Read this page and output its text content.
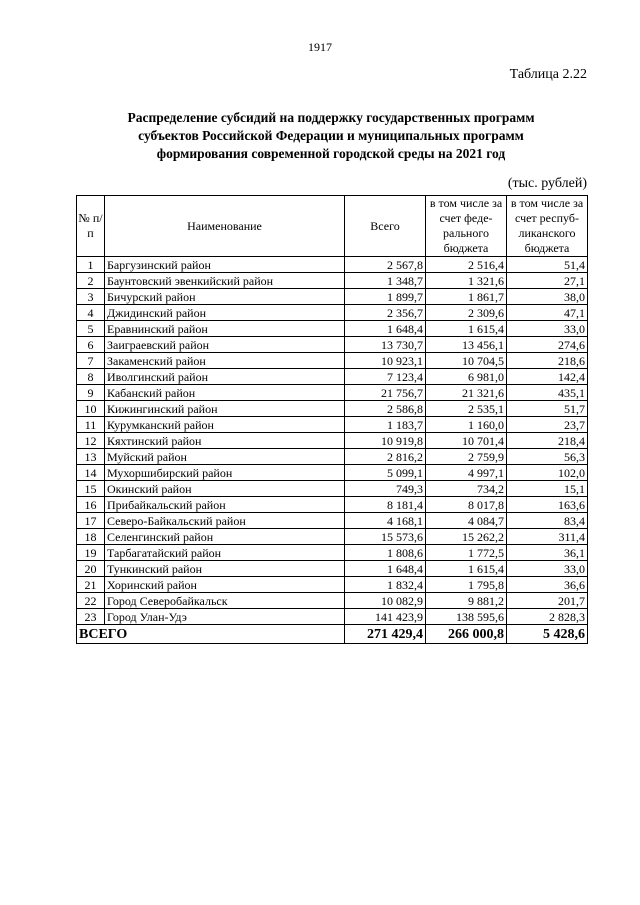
1917
Таблица 2.22
Распределение субсидий на поддержку государственных программ
субъектов Российской Федерации и муниципальных программ
формирования современной городской среды на 2021 год
(тыс. рублей)
№ п/п	Наименование	Всего	в том числе за счет феде-рального бюджета	в том числе за счет респуб-ликанского бюджета
1	Баргузинский район	2 567,8	2 516,4	51,4
2	Баунтовский эвенкийский район	1 348,7	1 321,6	27,1
3	Бичурский район	1 899,7	1 861,7	38,0
4	Джидинский район	2 356,7	2 309,6	47,1
5	Еравнинский район	1 648,4	1 615,4	33,0
6	Заиграевский район	13 730,7	13 456,1	274,6
7	Закаменский район	10 923,1	10 704,5	218,6
8	Иволгинский район	7 123,4	6 981,0	142,4
9	Кабанский район	21 756,7	21 321,6	435,1
10	Кижингинский район	2 586,8	2 535,1	51,7
11	Курумканский район	1 183,7	1 160,0	23,7
12	Кяхтинский район	10 919,8	10 701,4	218,4
13	Муйский район	2 816,2	2 759,9	56,3
14	Мухоршибирский район	5 099,1	4 997,1	102,0
15	Окинский район	749,3	734,2	15,1
16	Прибайкальский район	8 181,4	8 017,8	163,6
17	Северо-Байкальский район	4 168,1	4 084,7	83,4
18	Селенгинский район	15 573,6	15 262,2	311,4
19	Тарбагатайский район	1 808,6	1 772,5	36,1
20	Тункинский район	1 648,4	1 615,4	33,0
21	Хоринский район	1 832,4	1 795,8	36,6
22	Город Северобайкальск	10 082,9	9 881,2	201,7
23	Город Улан-Удэ	141 423,9	138 595,6	2 828,3
ВСЕГО		271 429,4	266 000,8	5 428,6
